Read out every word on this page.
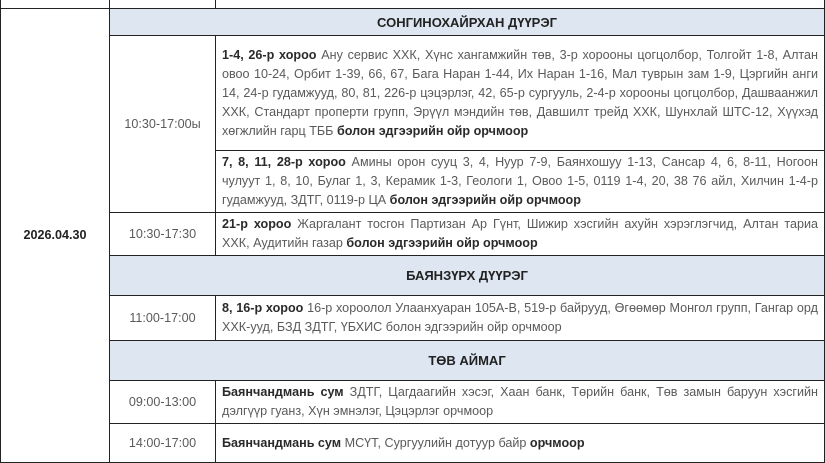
2026.04.30	СОНГИНОХАЙРХАН ДҮҮРЭГ	
	10:30-17:00ы	1-4, 26-р хороо Ану сервис ХХК, Хүнс хангамжийн төв, 3-р хорооны цогцолбор, Толгойт 1-8, Алтан овоо 10-24, Орбит 1-39, 66, 67, Бага Наран 1-44, Их Наран 1-16, Мал туврын зам 1-9, Цэргийн анги 14, 24-р гудамжууд, 80, 81, 226-р цэцэрлэг, 42, 65-р сургууль, 2-4-р хорооны цогцолбор, Дашваанжил ХХК, Стандарт проперти групп, Эрүүл мэндийн төв, Давшилт трейд ХХК, Шунхлай ШТС-12, Хүүхэд хөгжлийн гарц ТББ болон эдгээрийн ойр орчмоор
		7, 8, 11, 28-р хороо Амины орон сууц 3, 4, Нуур 7-9, Баянхошуу 1-13, Сансар 4, 6, 8-11, Ногоон чулуут 1, 8, 10, Булаг 1, 3, Керамик 1-3, Геологи 1, Овоо 1-5, 0119 1-4, 20, 38 76 айл, Хилчин 1-4-р гудамжууд, ЗДТГ, 0119-р ЦА болон эдгээрийн ойр орчмоор
	10:30-17:30	21-р хороо Жаргалант тосгон Партизан Ар Гүнт, Шижир хэсгийн ахуйн хэрэглэгчид, Алтан тариа ХХК, Аудитийн газар болон эдгээрийн ойр орчмоор
	БАЯНЗҮРХ ДҮҮРЭГ	
	11:00-17:00	8, 16-р хороо 16-р хороолол Улаанхуаран 105А-В, 519-р байрууд, Өгөөмөр Монгол групп, Гангар орд ХХК-ууд, БЗД ЗДТГ, ҮБХИС болон эдгээрийн ойр орчмоор
	ТӨВ АЙМАГ	
	09:00-13:00	Баянчандмань сум ЗДТГ, Цагдаагийн хэсэг, Хаан банк, Төрийн банк, Төв замын баруун хэсгийн дэлгүүр гуанз, Хүн эмнэлэг, Цэцэрлэг орчмоор
	14:00-17:00	Баянчандмань сум МСҮТ, Сургуулийн дотуур байр орчмоор
